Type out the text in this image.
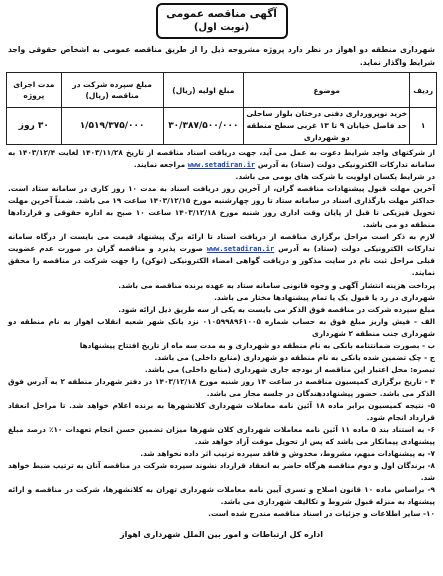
آگهی مناقصه عمومی
(نوبت اول)
شهرداری منطقه دو اهواز در نظر دارد پروژه مشروحه ذیل را از طریق مناقصه عمومی به اشخاص حقوقی واجد شرایط واگذار نماید.
ردیف	موضوع	مبلغ اولیه (ریال)	مبلغ سپرده شرکت در مناقصه (ریال)	مدت اجرای پروژه
۱	خرید نوپرورداری دفنی درختان بلوار ساحلی حد فاصل خیابان ۹ تا ۱۳ غربی سطح منطقه دو شهرداری	۳۰/۳۸۷/۵۰۰/۰۰۰	۱/۵۱۹/۳۷۵/۰۰۰	۳۰ روز

از شرکتهای واجد شرایط دعوت به عمل می آید، جهت دریافت اسناد مناقصه از تاریخ ۱۴۰۳/۱۱/۲۸ لغایت ۱۴۰۳/۱۲/۴ به سامانه تدارکات الکترونیکی دولت (ستاد) به آدرس www.setadiran.ir مراجعه نمایند.

در شرایط یکسان اولویت با شرکت های بومی می باشد.

آخرین مهلت قبول پیشنهادات مناقصه گران، از آخرین روز دریافت اسناد به مدت ۱۰ روز کاری در سامانه ستاد است. حداکثر مهلت بارگذاری اسناد در سامانه ستاد تا روز چهارشنبه مورخ ۱۴۰۳/۱۲/۱۵ ساعت ۱۹ می باشد. ضمناً آخرین مهلت تحویل فیزیکی تا قبل از پایان وقت اداری روز شنبه مورخ ۱۴۰۳/۱۲/۱۸ ساعت ۱۰ صبح به اداره حقوقی و قراردادها منطقه دو می باشد.

لازم به ذکر است مراحل برگزاری مناقصه از دریافت اسناد تا ارائه برگ پیشنهاد قیمت می بایست از درگاه سامانه تدارکات الکترونیکی دولت (ستاد) به آدرس www.setadiran.ir صورت پذیرد و مناقصه گران در صورت عدم عضویت قبلی مراحل ثبت نام در سایت مذکور و دریافت گواهی امضاء الکترونیکی (توکن) را جهت شرکت در مناقصه را محقق نمایند.

پرداخت هزینه انتشار آگهی و وجوه قانونی سامانه ستاد به عهده برنده مناقصه می باشد.

شهرداری در رد یا قبول یک یا تمام پیشنهادها مختار می باشد.

مبلغ سپرده شرکت در مناقصه فوق الذکر می بایست به یکی از سه طریق ذیل ارائه شود.

الف - فیش واریز مبلغ فوق به حساب شماره ۰۱۰۵۹۹۸۹۶۱۰۰۵ نزد بانک شهر شعبه انقلاب اهواز به نام منطقه دو شهرداری جنب منطقه ۲ شهرداری

ب - بصورت ضمانتنامه بانکی به نام منطقه دو شهرداری و به مدت سه ماه از تاریخ افتتاح پیشنهادها

ج - چک تضمین شده بانکی به نام منطقه دو شهرداری (منابع داخلی) می باشد.

تبصره: محل اعتبار این مناقصه از بودجه جاری شهرداری (منابع داخلی) می باشد.

۴ - تاریخ برگزاری کمیسیون مناقصه در ساعت ۱۴ روز شنبه مورخ ۱۴۰۳/۱۲/۱۸ در دفتر شهردار منطقه ۲ به آدرس فوق الذکر می باشد. حضور پیشنهاددهندگان در جلسه مجاز می باشد.

۵- نتیجه کمیسیون برابر ماده ۱۸ آئین نامه معاملات شهرداری کلانشهرها به برنده اعلام خواهد شد. تا مراحل انعقاد قرارداد انجام شود.

۶- به استناد بند ۵ ماده ۱۱ آئین نامه معاملات شهرداری کلان شهرها میزان تضمین حسن انجام تعهدات ۱۰٪ درصد مبلغ پیشنهادی پیمانکار می باشد که پس از تحویل موقت آزاد خواهد شد.

۷- به پیشنهادات مبهم، مشروط، مخدوش و فاقد سپرده ترتیب اثر داده نخواهد شد.

۸- برندگان اول و دوم مناقصه هرگاه حاضر به انعقاد قرارداد نشوند سپرده شرکت در مناقصه آنان به ترتیب ضبط خواهد شد.

۹- براساس ماده ۱۰ قانون اصلاح و تسری آیین نامه معاملات شهرداری تهران به کلانشهرها، شرکت در مناقصه و ارائه پیشنهاد به منزله قبول شروط و تکالیف شهرداری می باشد.

۱۰- سایر اطلاعات و جزئیات در اسناد مناقصه مندرج شده است.

اداره کل ارتباطات و امور بین الملل شهرداری اهواز
